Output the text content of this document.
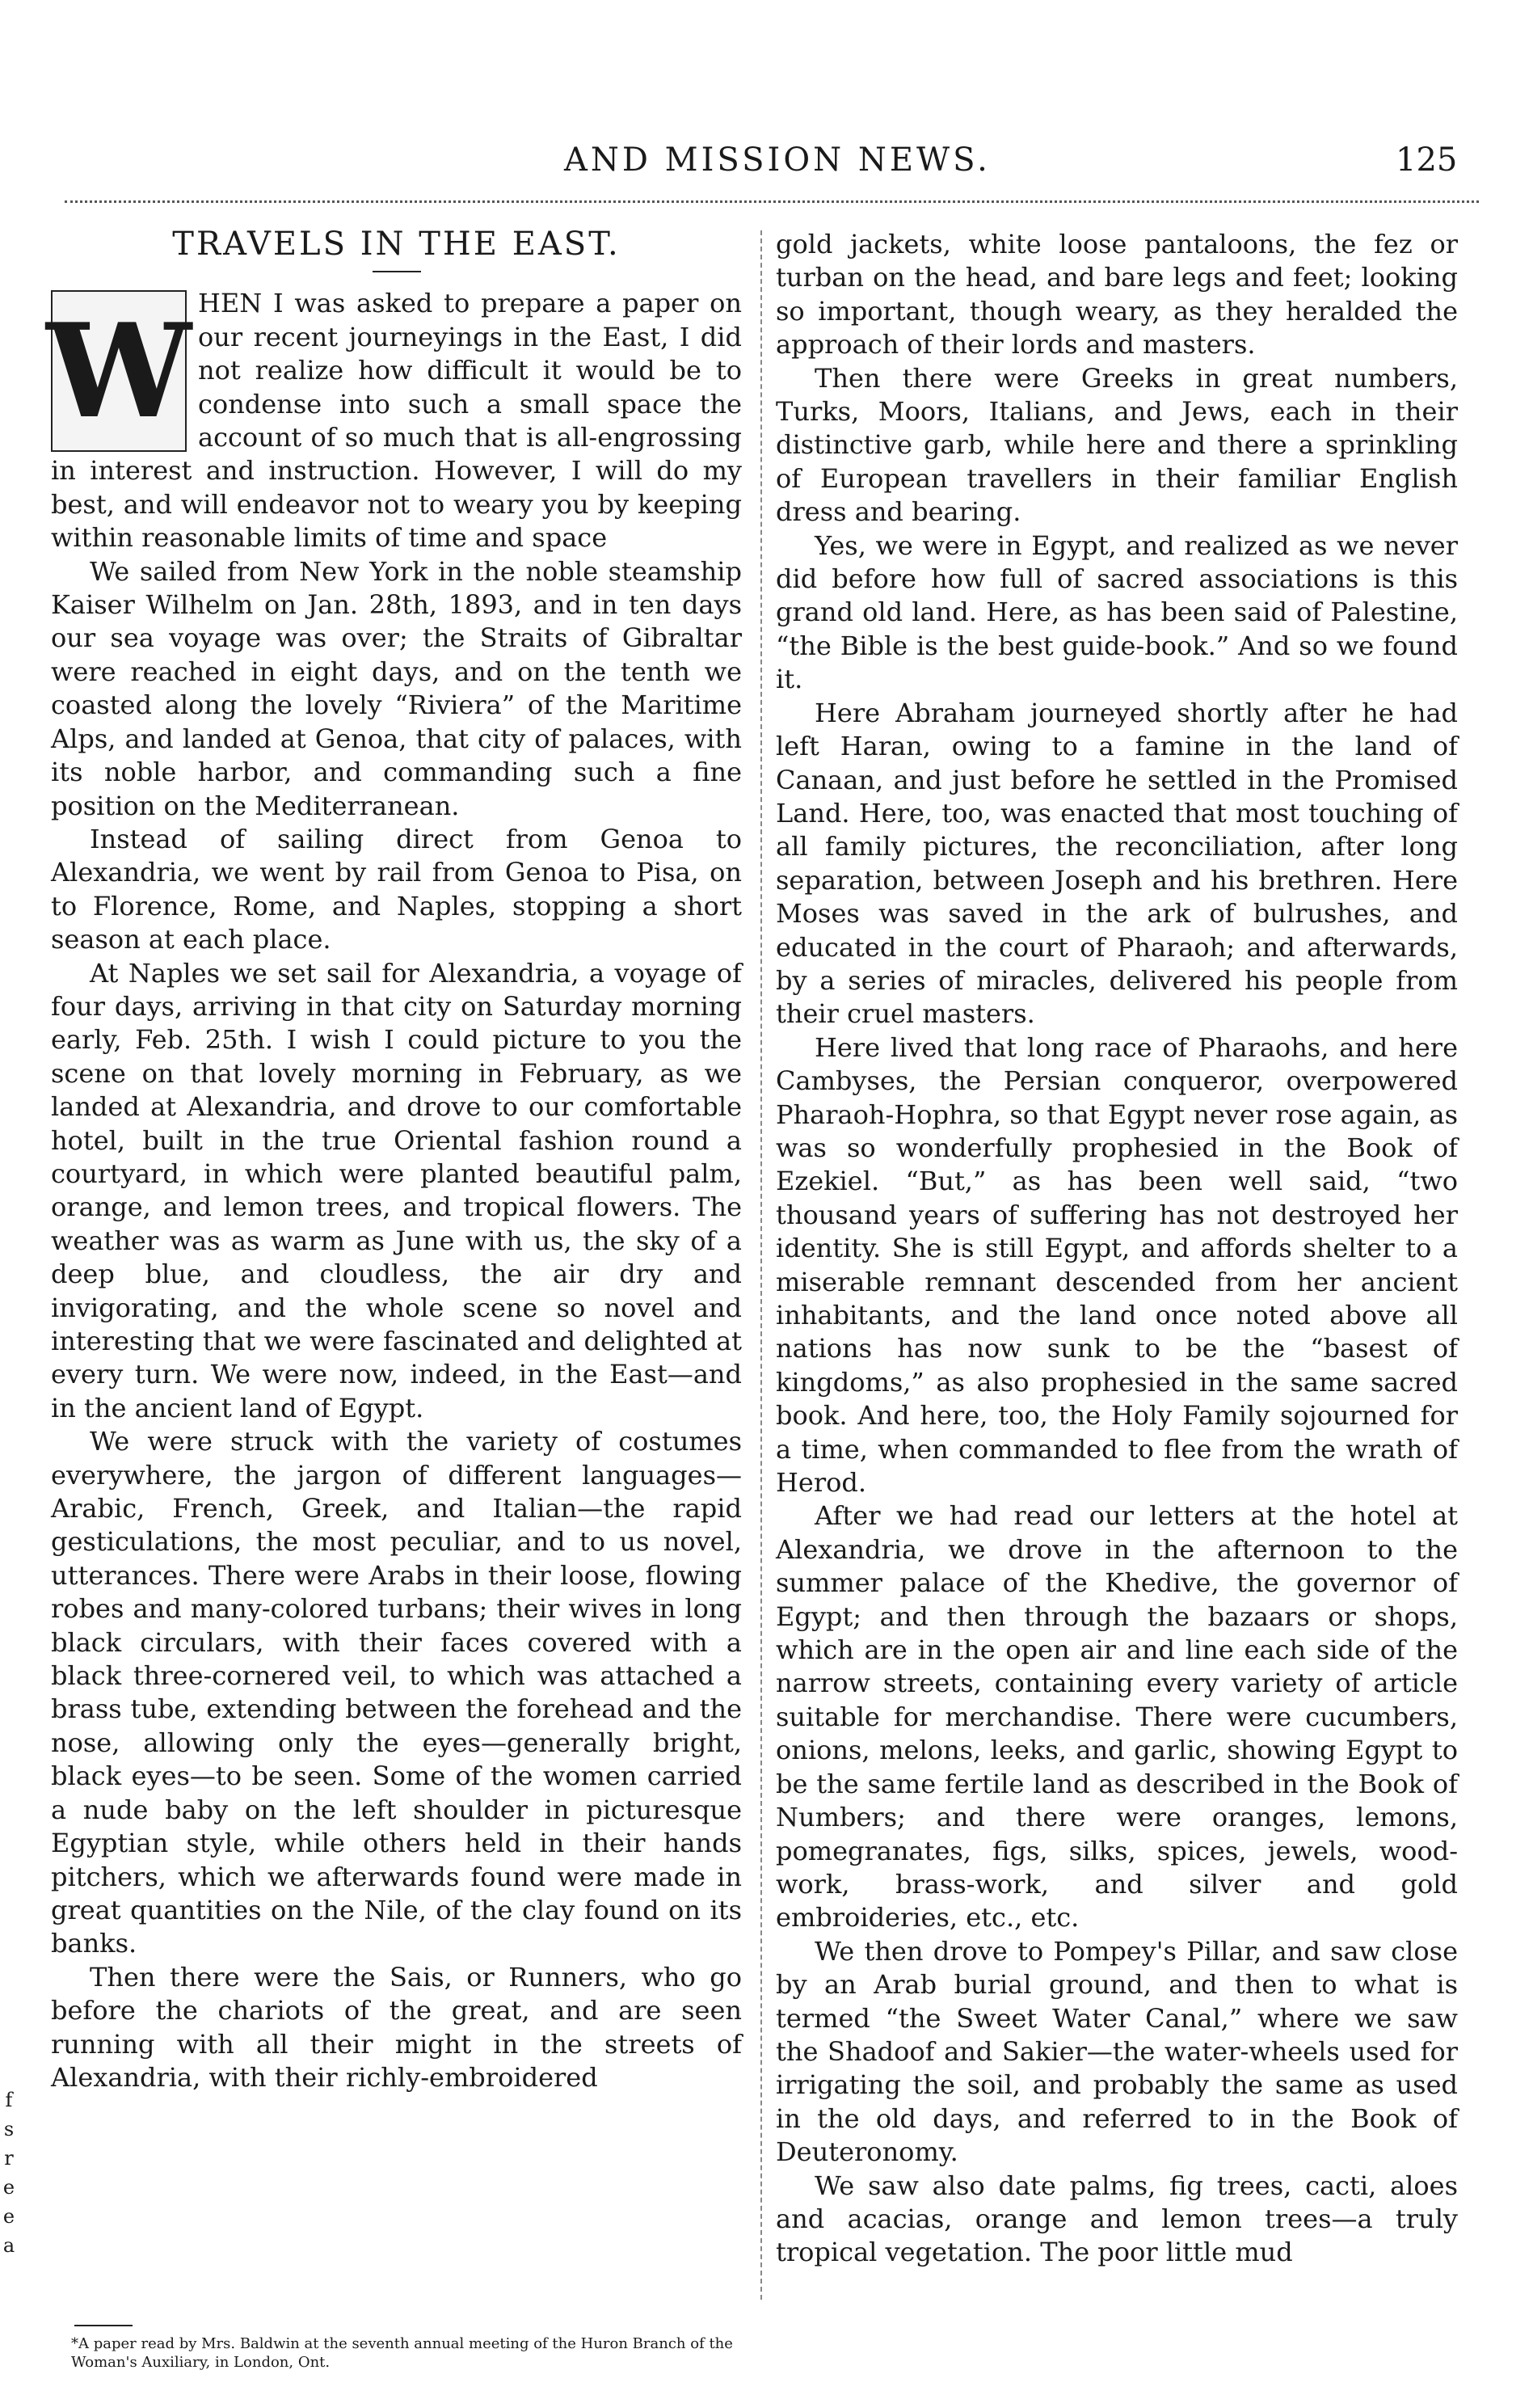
AND MISSION NEWS.	125
TRAVELS IN THE EAST.
W HEN I was asked to prepare a paper on our recent journeyings in the East, I did not realize how difficult it would be to condense into such a small space the account of so much that is all-engrossing in interest and instruction. However, I will do my best, and will endeavor not to weary you by keeping within reasonable limits of time and space

We sailed from New York in the noble steamship Kaiser Wilhelm on Jan. 28th, 1893, and in ten days our sea voyage was over; the Straits of Gibraltar were reached in eight days, and on the tenth we coasted along the lovely “Riviera” of the Maritime Alps, and landed at Genoa, that city of palaces, with its noble harbor, and commanding such a fine position on the Mediterranean.

Instead of sailing direct from Genoa to Alexandria, we went by rail from Genoa to Pisa, on to Florence, Rome, and Naples, stopping a short season at each place.

At Naples we set sail for Alexandria, a voyage of four days, arriving in that city on Saturday morning early, Feb. 25th. I wish I could picture to you the scene on that lovely morning in February, as we landed at Alexandria, and drove to our comfortable hotel, built in the true Oriental fashion round a courtyard, in which were planted beautiful palm, orange, and lemon trees, and tropical flowers. The weather was as warm as June with us, the sky of a deep blue, and cloudless, the air dry and invigorating, and the whole scene so novel and interesting that we were fascinated and delighted at every turn. We were now, indeed, in the East—and in the ancient land of Egypt.

We were struck with the variety of costumes everywhere, the jargon of different languages—Arabic, French, Greek, and Italian—the rapid gesticulations, the most peculiar, and to us novel, utterances. There were Arabs in their loose, flowing robes and many-colored turbans; their wives in long black circulars, with their faces covered with a black three-cornered veil, to which was attached a brass tube, extending between the forehead and the nose, allowing only the eyes—generally bright, black eyes—to be seen. Some of the women carried a nude baby on the left shoulder in picturesque Egyptian style, while others held in their hands pitchers, which we afterwards found were made in great quantities on the Nile, of the clay found on its banks.

Then there were the Sais, or Runners, who go before the chariots of the great, and are seen running with all their might in the streets of Alexandria, with their richly-embroidered

gold jackets, white loose pantaloons, the fez or turban on the head, and bare legs and feet; looking so important, though weary, as they heralded the approach of their lords and masters.

Then there were Greeks in great numbers, Turks, Moors, Italians, and Jews, each in their distinctive garb, while here and there a sprinkling of European travellers in their familiar English dress and bearing.

Yes, we were in Egypt, and realized as we never did before how full of sacred associations is this grand old land. Here, as has been said of Palestine, “the Bible is the best guide-book.” And so we found it.

Here Abraham journeyed shortly after he had left Haran, owing to a famine in the land of Canaan, and just before he settled in the Promised Land. Here, too, was enacted that most touching of all family pictures, the reconciliation, after long separation, between Joseph and his brethren. Here Moses was saved in the ark of bulrushes, and educated in the court of Pharaoh; and afterwards, by a series of miracles, delivered his people from their cruel masters.

Here lived that long race of Pharaohs, and here Cambyses, the Persian conqueror, overpowered Pharaoh-Hophra, so that Egypt never rose again, as was so wonderfully prophesied in the Book of Ezekiel. “But,” as has been well said, “two thousand years of suffering has not destroyed her identity. She is still Egypt, and affords shelter to a miserable remnant descended from her ancient inhabitants, and the land once noted above all nations has now sunk to be the “basest of kingdoms,” as also prophesied in the same sacred book. And here, too, the Holy Family sojourned for a time, when commanded to flee from the wrath of Herod.

After we had read our letters at the hotel at Alexandria, we drove in the afternoon to the summer palace of the Khedive, the governor of Egypt; and then through the bazaars or shops, which are in the open air and line each side of the narrow streets, containing every variety of article suitable for merchandise. There were cucumbers, onions, melons, leeks, and garlic, showing Egypt to be the same fertile land as described in the Book of Numbers; and there were oranges, lemons, pomegranates, figs, silks, spices, jewels, wood-work, brass-work, and silver and gold embroideries, etc., etc.

We then drove to Pompey's Pillar, and saw close by an Arab burial ground, and then to what is termed “the Sweet Water Canal,” where we saw the Shadoof and Sakier—the water-wheels used for irrigating the soil, and probably the same as used in the old days, and referred to in the Book of Deuteronomy.

We saw also date palms, fig trees, cacti, aloes and acacias, orange and lemon trees—a truly tropical vegetation. The poor little mud

*A paper read by Mrs. Baldwin at the seventh annual meeting of the Huron Branch of the Woman's Auxiliary, in London, Ont.
f
s
r
e
e
a
